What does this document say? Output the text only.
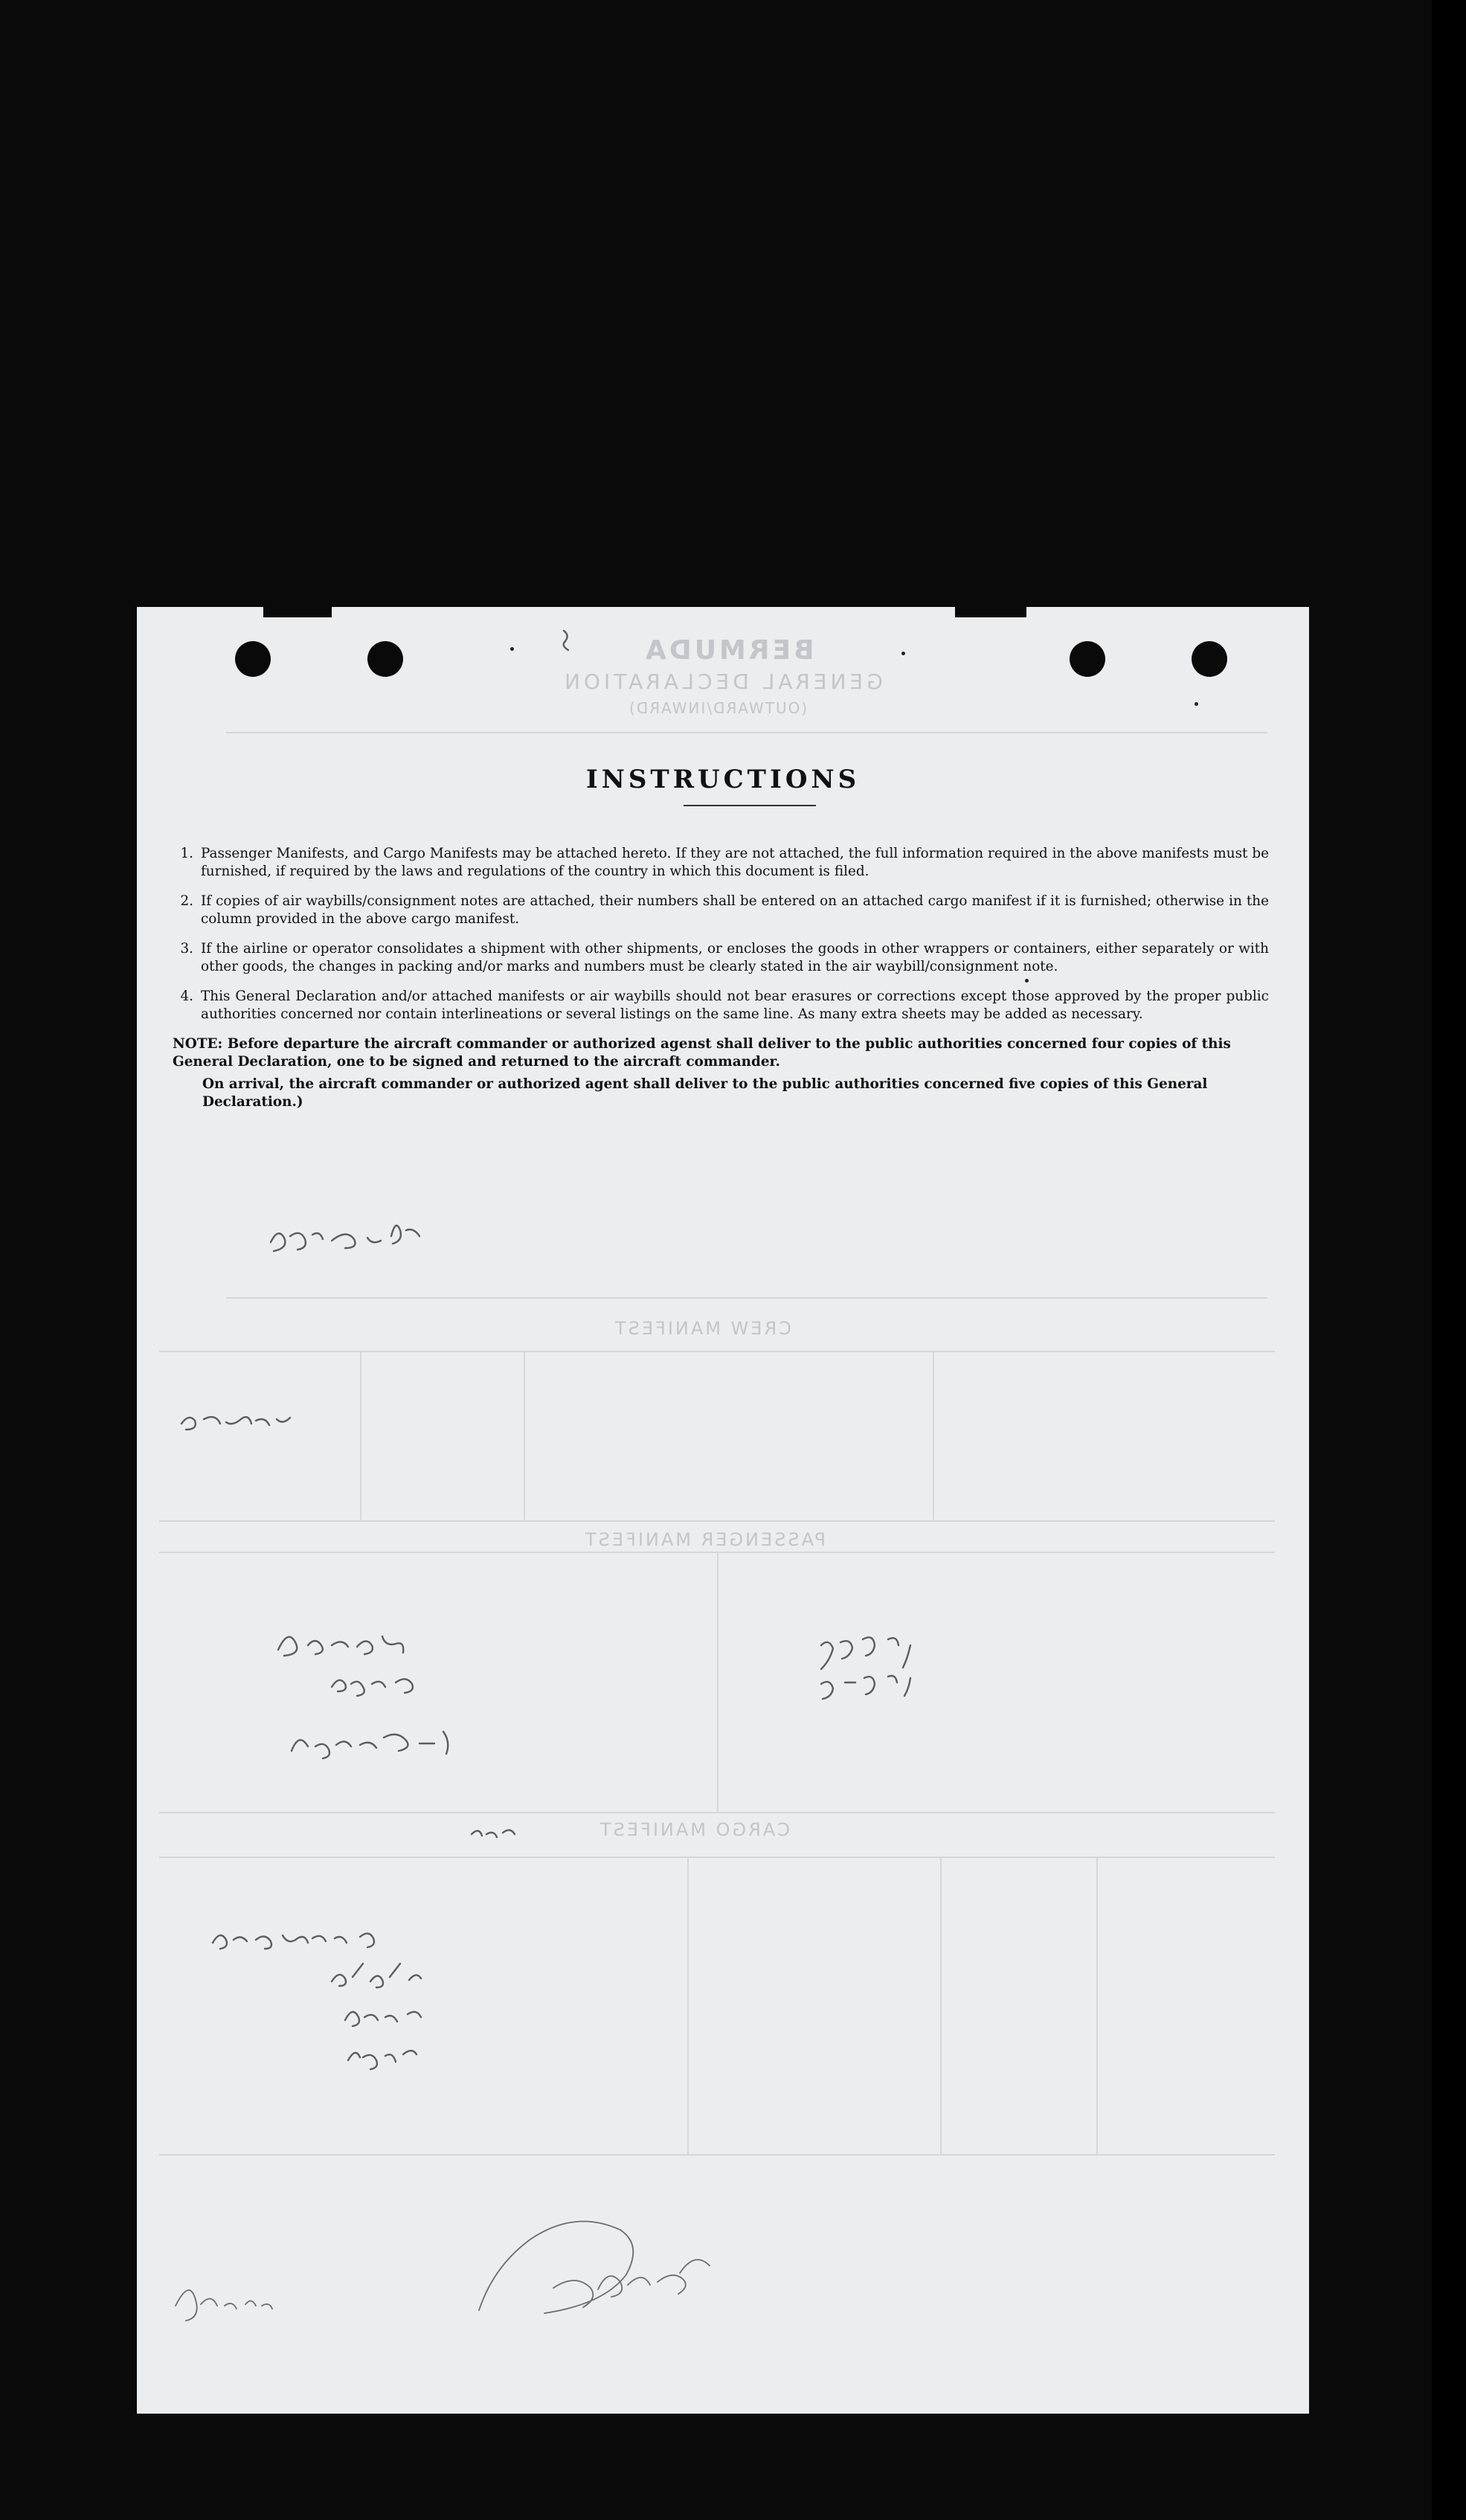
BERMUDA
GENERAL DECLARATION
(OUTWARD/INWARD)
CREW MANIFEST
PASSENGER MANIFEST
CARGO MANIFEST
INSTRUCTIONS
1. Passenger Manifests, and Cargo Manifests may be attached hereto. If they are not attached, the full information required in the above manifests must be furnished, if required by the laws and regulations of the country in which this document is filed.
2. If copies of air waybills/consignment notes are attached, their numbers shall be entered on an attached cargo manifest if it is furnished; otherwise in the column provided in the above cargo manifest.
3. If the airline or operator consolidates a shipment with other shipments, or encloses the goods in other wrappers or containers, either separately or with other goods, the changes in packing and/or marks and numbers must be clearly stated in the air waybill/consignment note.
4. This General Declaration and/or attached manifests or air waybills should not bear erasures or corrections except those approved by the proper public authorities concerned nor contain interlineations or several listings on the same line. As many extra sheets may be added as necessary.

NOTE: Before departure the aircraft commander or authorized agenst shall deliver to the public authorities concerned four copies of this General Declaration, one to be signed and returned to the aircraft commander.

On arrival, the aircraft commander or authorized agent shall deliver to the public authorities concerned five copies of this General Declaration.)
